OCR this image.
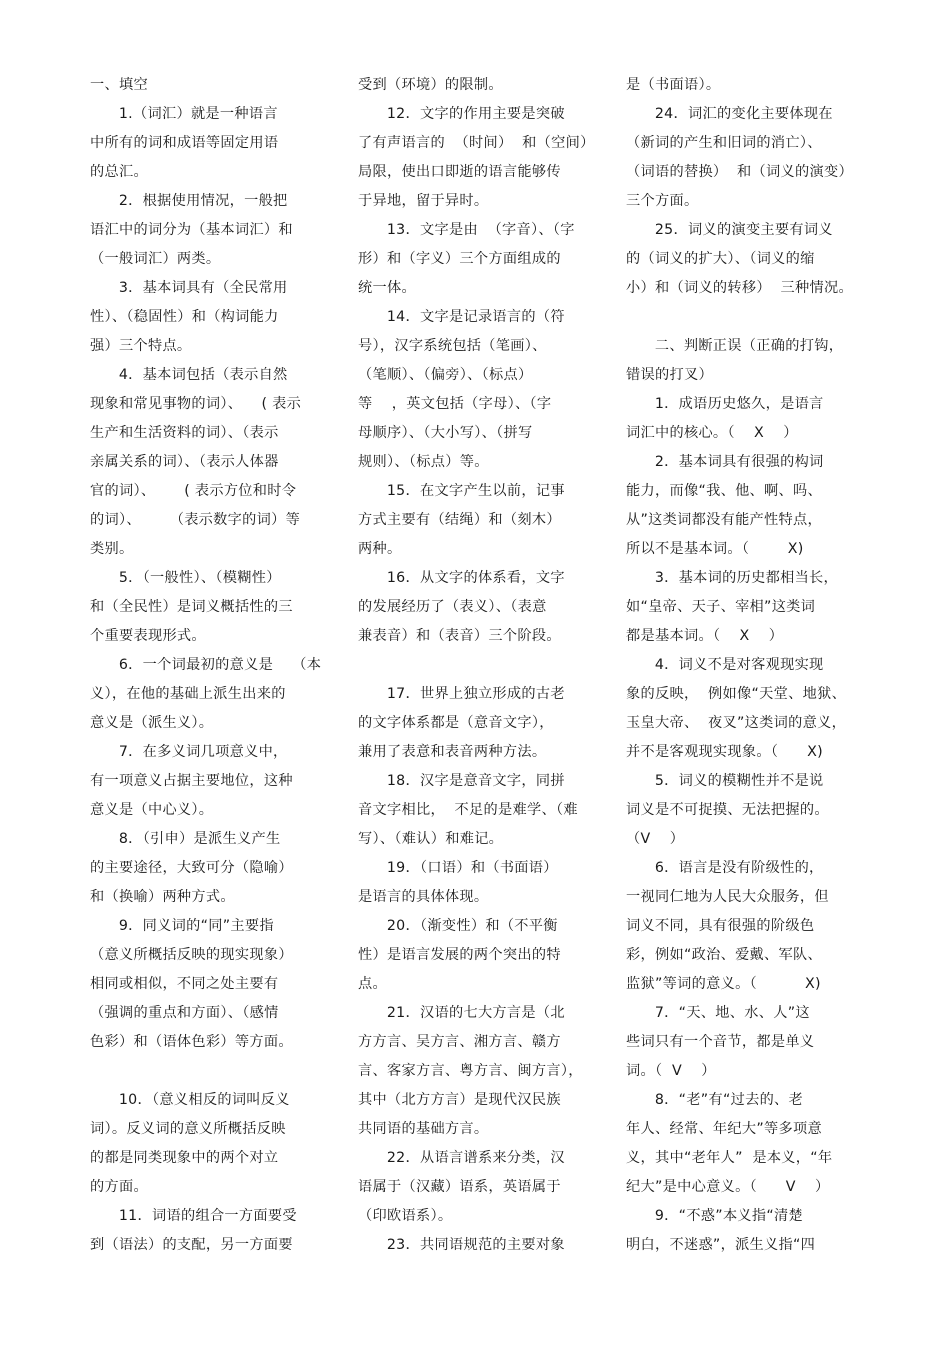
一、填空
1.（词汇）就是一种语言
中所有的词和成语等固定用语
的总汇。
2．根据使用情况，一般把
语汇中的词分为（基本词汇）和
（一般词汇）两类。
3．基本词具有（全民常用
性）、（稳固性）和（构词能力
强）三个特点。
4．基本词包括（表示自然
现象和常见事物的词）、    ( 表示
生产和生活资料的词）、（表示
亲属关系的词）、（表示人体器
官的词）、      ( 表示方位和时令
的词）、      （表示数字的词）等
类别。
5．（一般性）、（模糊性）
和（全民性）是词义概括性的三
个重要表现形式。
6．一个词最初的意义是    （本
义），在他的基础上派生出来的
意义是（派生义）。
7．在多义词几项意义中，
有一项意义占据主要地位，这种
意义是（中心义）。
8．（引申）是派生义产生
的主要途径，大致可分（隐喻）
和（换喻）两种方式。
9．同义词的“同”主要指
（意义所概括反映的现实现象）
相同或相似，不同之处主要有
（强调的重点和方面）、（感情
色彩）和（语体色彩）等方面。
10．（意义相反的词叫反义
词）。反义词的意义所概括反映
的都是同类现象中的两个对立
的方面。
11．词语的组合一方面要受
到（语法）的支配，另一方面要
受到（环境）的限制。
12．文字的作用主要是突破
了有声语言的  （时间）  和（空间）
局限，使出口即逝的语言能够传
于异地，留于异时。
13．文字是由  （字音）、（字
形）和（字义）三个方面组成的
统一体。
14．文字是记录语言的（符
号），汉字系统包括（笔画）、
（笔顺）、（偏旁）、（标点）
等    ，英文包括（字母）、（字
母顺序）、（大小写）、（拼写
规则）、（标点）等。
15．在文字产生以前，记事
方式主要有（结绳）和（刻木）
两种。
16．从文字的体系看，文字
的发展经历了（表义）、（表意
兼表音）和（表音）三个阶段。
17．世界上独立形成的古老
的文字体系都是（意音文字），
兼用了表意和表音两种方法。
18．汉字是意音文字，同拼
音文字相比，  不足的是难学、（难
写）、（难认）和难记。
19．（口语）和（书面语）
是语言的具体体现。
20．（渐变性）和（不平衡
性）是语言发展的两个突出的特
点。
21．汉语的七大方言是（北
方方言、吴方言、湘方言、赣方
言、客家方言、粤方言、闽方言），
其中（北方方言）是现代汉民族
共同语的基础方言。
22．从语言谱系来分类，汉
语属于（汉藏）语系，英语属于
（印欧语系）。
23．共同语规范的主要对象
是（书面语）。
24．词汇的变化主要体现在
（新词的产生和旧词的消亡）、
（词语的替换）  和（词义的演变）
三个方面。
25．词义的演变主要有词义
的（词义的扩大）、（词义的缩
小）和（词义的转移）  三种情况。
二、判断正误（正确的打钩，
错误的打叉）
1．成语历史悠久，是语言
词汇中的核心。（    X    ）
2．基本词具有很强的构词
能力，而像“我、他、啊、吗、
从”这类词都没有能产性特点，
所以不是基本词。（        X)
3．基本词的历史都相当长，
如“皇帝、天子、宰相”这类词
都是基本词。（    X    ）
4．词义不是对客观现实现
象的反映，  例如像“天堂、地狱、
玉皇大帝、  夜叉”这类词的意义，
并不是客观现实现象。（      X)
5．词义的模糊性并不是说
词义是不可捉摸、无法把握的。
（V    ）
6．语言是没有阶级性的，
一视同仁地为人民大众服务，但
词义不同，具有很强的阶级色
彩，例如“政治、爱戴、军队、
监狱”等词的意义。（          X)
7．“天、地、水、人”这
些词只有一个音节，都是单义
词。（  V    ）
8．“老”有“过去的、老
年人、经常、年纪大”等多项意
义，其中“老年人”  是本义，“年
纪大”是中心意义。（      V    ）
9．“不惑”本义指“清楚
明白，不迷惑”，派生义指“四
